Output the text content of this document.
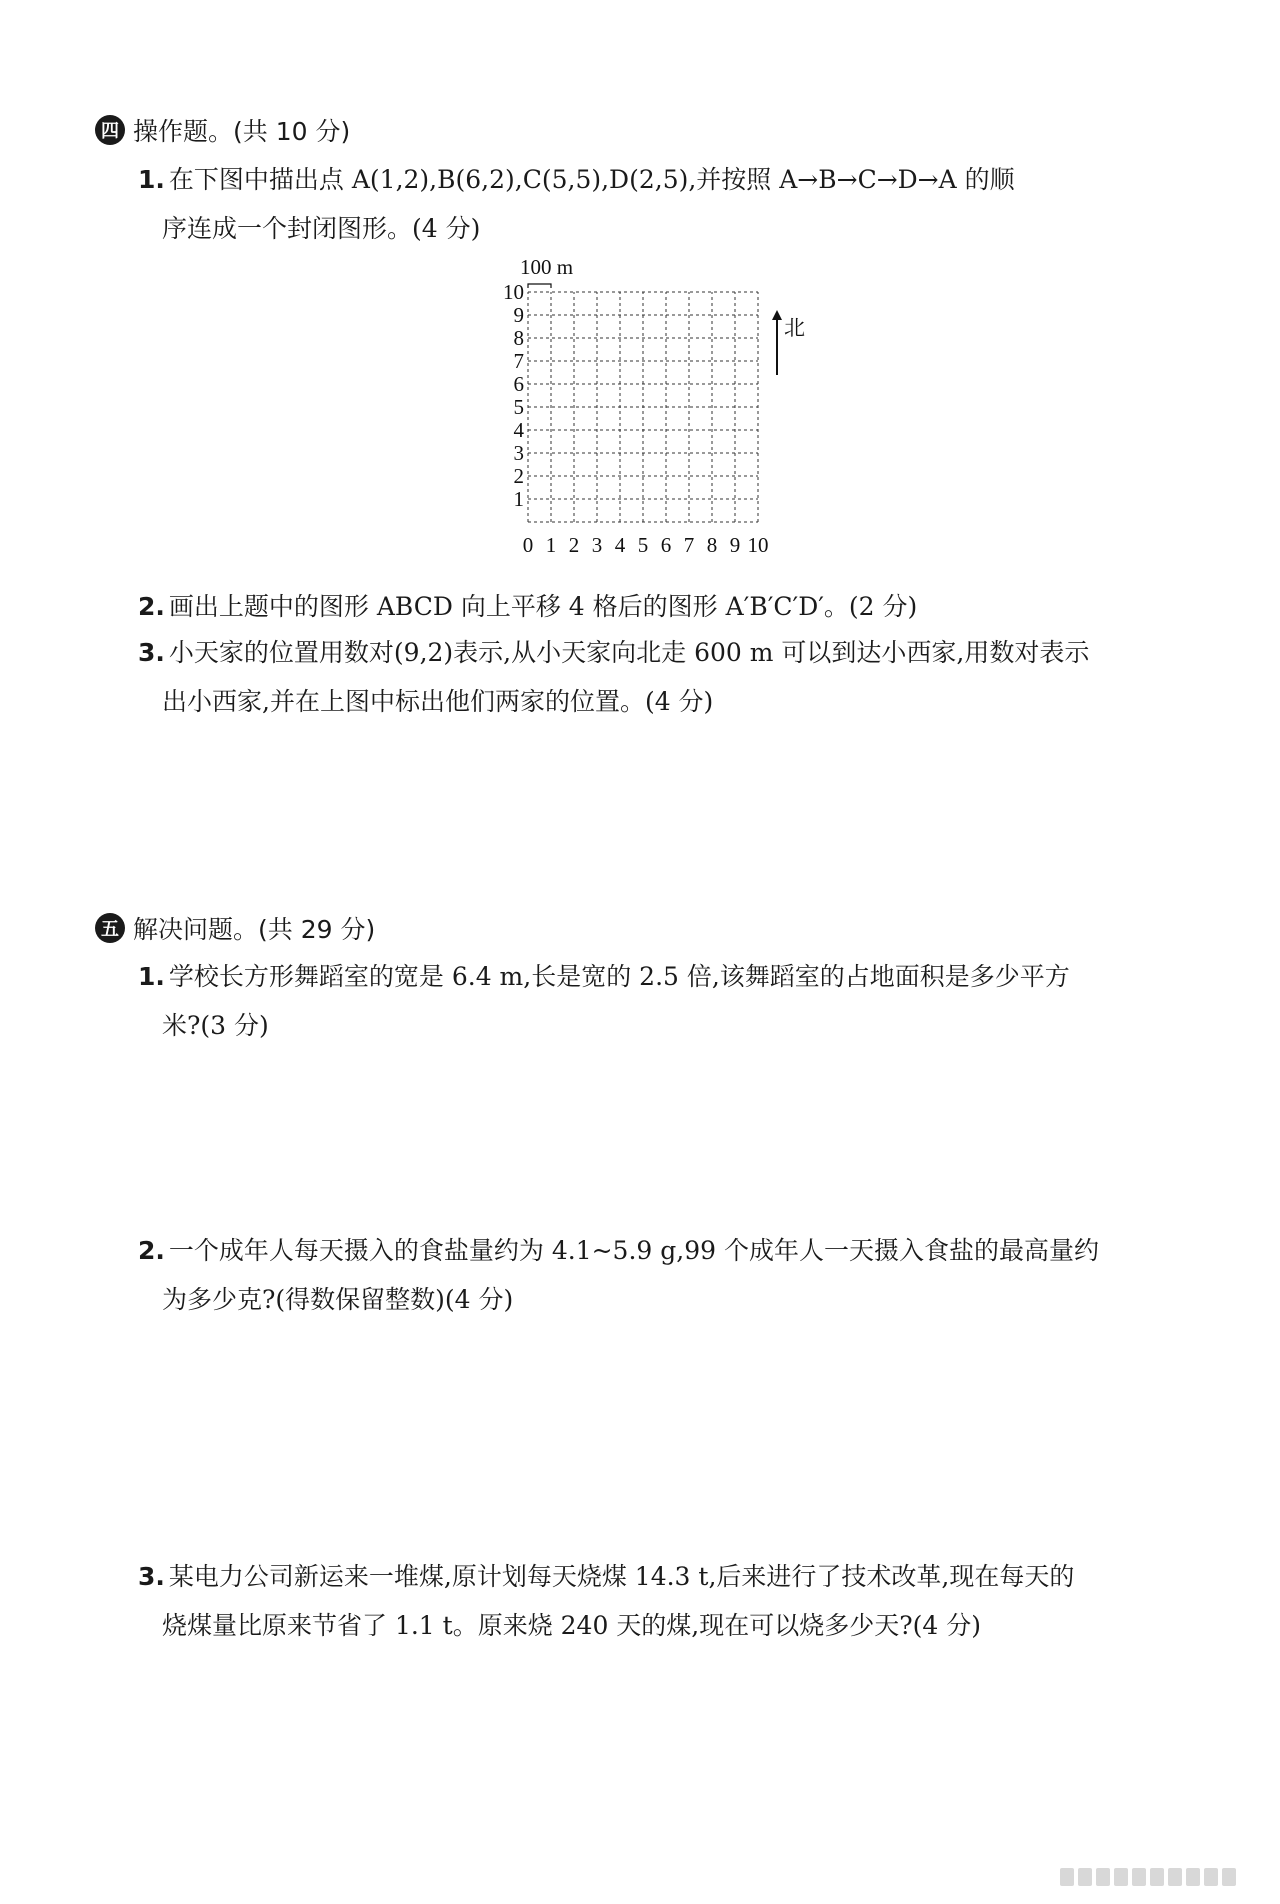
四 操作题。(共 10 分)
1. 在下图中描出点 A(1,2),B(6,2),C(5,5),D(2,5),并按照 A→B→C→D→A 的顺
序连成一个封闭图形。(4 分)
100 m
1
2
3
4
5
6
7
8
9
10
0 1 2 3 4 5 6 7 8 9 10
北
2. 画出上题中的图形 ABCD 向上平移 4 格后的图形 A′B′C′D′。(2 分)
3. 小天家的位置用数对(9,2)表示,从小天家向北走 600 m 可以到达小西家,用数对表示
出小西家,并在上图中标出他们两家的位置。(4 分)
五 解决问题。(共 29 分)
1. 学校长方形舞蹈室的宽是 6.4 m,长是宽的 2.5 倍,该舞蹈室的占地面积是多少平方
米?(3 分)
2. 一个成年人每天摄入的食盐量约为 4.1~5.9 g,99 个成年人一天摄入食盐的最高量约
为多少克?(得数保留整数)(4 分)
3. 某电力公司新运来一堆煤,原计划每天烧煤 14.3 t,后来进行了技术改革,现在每天的
烧煤量比原来节省了 1.1 t。原来烧 240 天的煤,现在可以烧多少天?(4 分)
